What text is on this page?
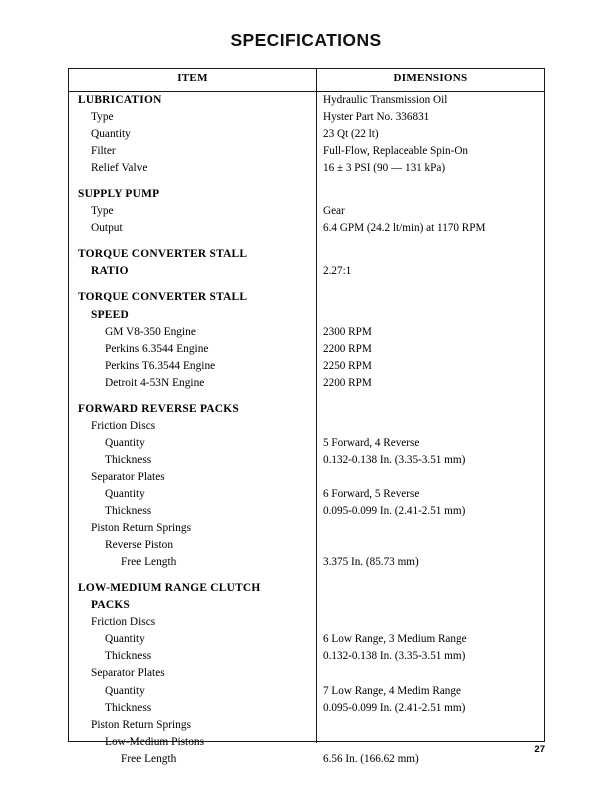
SPECIFICATIONS
ITEM	DIMENSIONS
LUBRICATION	Hydraulic Transmission Oil
Type	Hyster Part No. 336831
Quantity	23 Qt (22 lt)
Filter	Full-Flow, Replaceable Spin-On
Relief Valve	16 ± 3 PSI (90 — 131 kPa)
SUPPLY PUMP
Type	Gear
Output	6.4 GPM (24.2 lt/min) at 1170 RPM
TORQUE CONVERTER STALL
RATIO	2.27:1
TORQUE CONVERTER STALL
SPEED
GM V8-350 Engine	2300 RPM
Perkins 6.3544 Engine	2200 RPM
Perkins T6.3544 Engine	2250 RPM
Detroit 4-53N Engine	2200 RPM
FORWARD REVERSE PACKS
Friction Discs
Quantity	5 Forward, 4 Reverse
Thickness	0.132-0.138 In. (3.35-3.51 mm)
Separator Plates
Quantity	6 Forward, 5 Reverse
Thickness	0.095-0.099 In. (2.41-2.51 mm)
Piston Return Springs
Reverse Piston
Free Length	3.375 In. (85.73 mm)
LOW-MEDIUM RANGE CLUTCH
PACKS
Friction Discs
Quantity	6 Low Range, 3 Medium Range
Thickness	0.132-0.138 In. (3.35-3.51 mm)
Separator Plates
Quantity	7 Low Range, 4 Medim Range
Thickness	0.095-0.099 In. (2.41-2.51 mm)
Piston Return Springs
Low-Medium Pistons
Free Length	6.56 In. (166.62 mm)
27
